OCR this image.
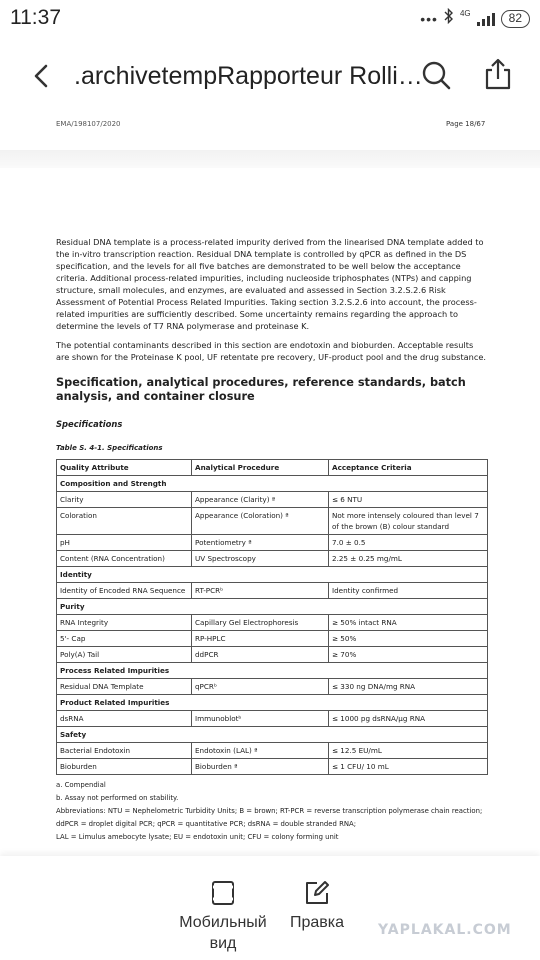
11:37	•••	4G	82
.archivetempRapporteur Rolli…
EMA/198107/2020	Page 18/67

Residual DNA template is a process-related impurity derived from the linearised DNA template added to the in-vitro transcription reaction. Residual DNA template is controlled by qPCR as defined in the DS specification, and the levels for all five batches are demonstrated to be well below the acceptance criteria. Additional process-related impurities, including nucleoside triphosphates (NTPs) and capping structure, small molecules, and enzymes, are evaluated and assessed in Section 3.2.S.2.6 Risk Assessment of Potential Process Related Impurities. Taking section 3.2.S.2.6 into account, the process-related impurities are sufficiently described. Some uncertainty remains regarding the approach to determine the levels of T7 RNA polymerase and proteinase K.

The potential contaminants described in this section are endotoxin and bioburden. Acceptable results are shown for the Proteinase K pool, UF retentate pre recovery, UF-product pool and the drug substance.

Specification, analytical procedures, reference standards, batch analysis, and container closure
Specifications
Table S. 4-1. Specifications
Quality Attribute	Analytical Procedure	Acceptance Criteria
Composition and Strength		
Clarity	Appearance (Clarity) ª	≤ 6 NTU
Coloration	Appearance (Coloration) ª	Not more intensely coloured than level 7 of the brown (B) colour standard
pH	Potentiometry ª	7.0 ± 0.5
Content (RNA Concentration)	UV Spectroscopy	2.25 ± 0.25 mg/mL
Identity		
Identity of Encoded RNA Sequence	RT-PCRᵇ	Identity confirmed
Purity		
RNA Integrity	Capillary Gel Electrophoresis	≥ 50% intact RNA
5'- Cap	RP-HPLC	≥ 50%
Poly(A) Tail	ddPCR	≥ 70%
Process Related Impurities		
Residual DNA Template	qPCRᵇ	≤ 330 ng DNA/mg RNA
Product Related Impurities		
dsRNA	Immunoblotᵇ	≤ 1000 pg dsRNA/μg RNA
Safety		
Bacterial Endotoxin	Endotoxin (LAL) ª	≤ 12.5 EU/mL
Bioburden	Bioburden ª	≤ 1 CFU/ 10 mL
a. Compendial
b. Assay not performed on stability.
Abbreviations: NTU = Nephelometric Turbidity Units; B = brown; RT-PCR = reverse transcription polymerase chain reaction; ddPCR = droplet digital PCR; qPCR = quantitative PCR; dsRNA = double stranded RNA;
LAL = Limulus amebocyte lysate; EU = endotoxin unit; CFU = colony forming unit
Мобильный вид
Правка	YAPLAKAL.COM
